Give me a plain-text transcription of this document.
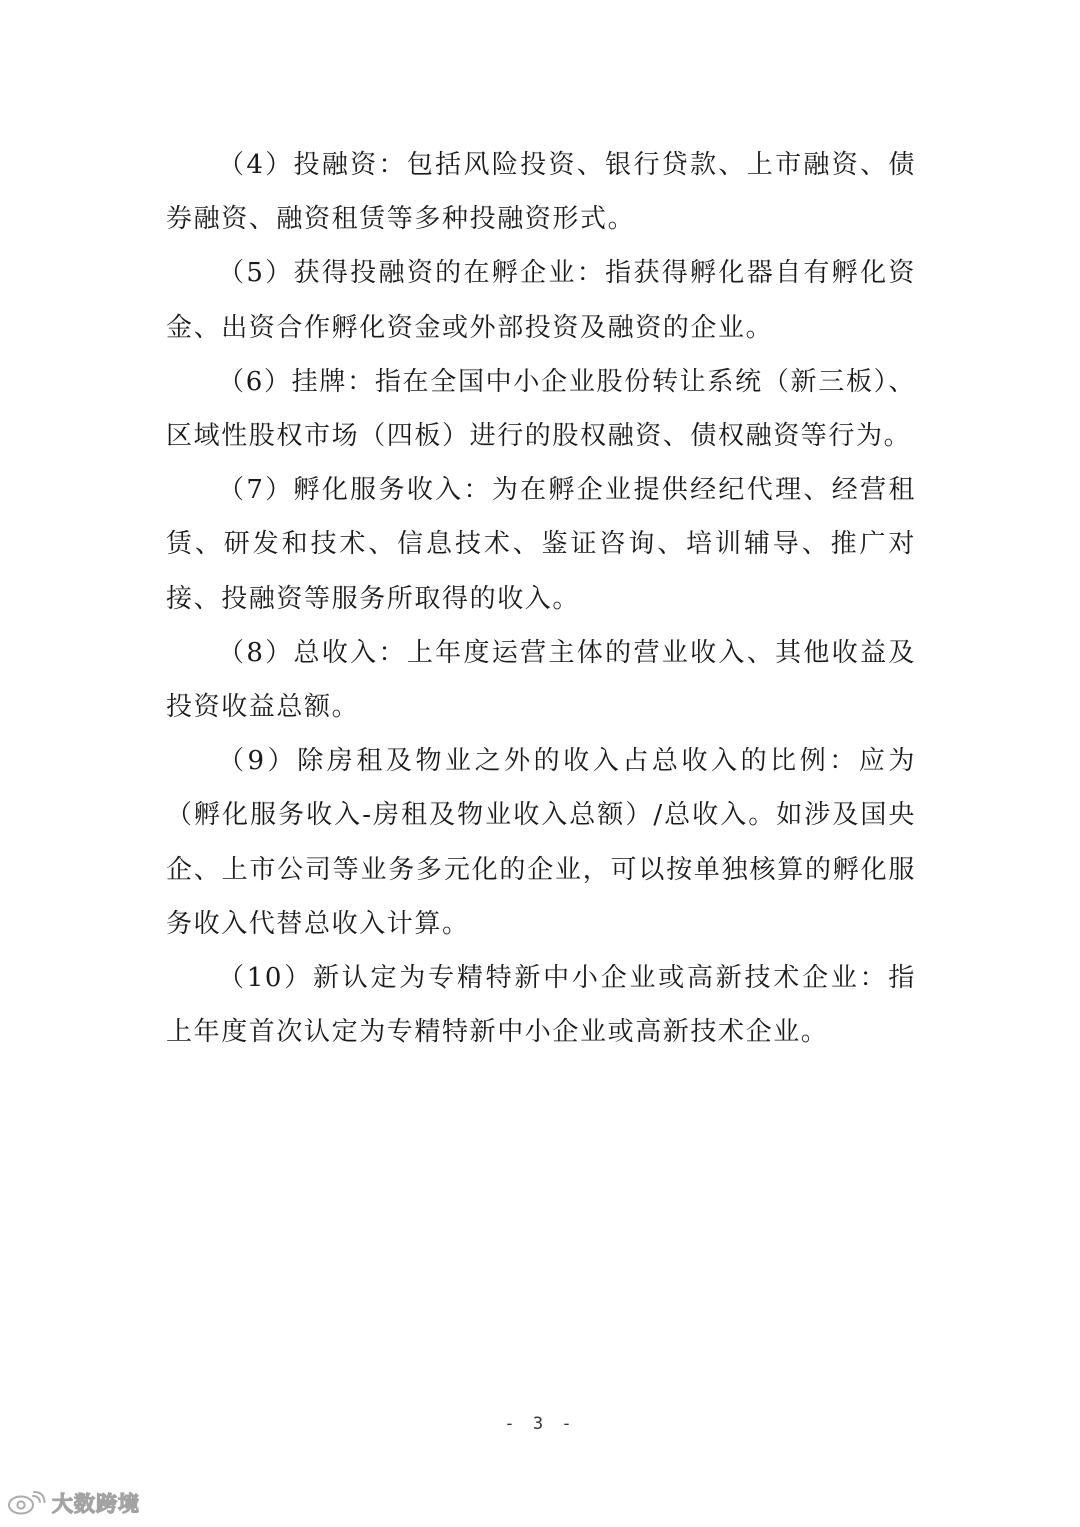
（4）投融资：包括风险投资、银行贷款、上市融资、债券融资、融资租赁等多种投融资形式。

（5）获得投融资的在孵企业：指获得孵化器自有孵化资金、出资合作孵化资金或外部投资及融资的企业。

（6）挂牌：指在全国中小企业股份转让系统（新三板）、区域性股权市场（四板）进行的股权融资、债权融资等行为。

（7）孵化服务收入：为在孵企业提供经纪代理、经营租赁、研发和技术、信息技术、鉴证咨询、培训辅导、推广对接、投融资等服务所取得的收入。

（8）总收入：上年度运营主体的营业收入、其他收益及投资收益总额。

（9）除房租及物业之外的收入占总收入的比例：应为（孵化服务收入-房租及物业收入总额）/总收入。如涉及国央企、上市公司等业务多元化的企业，可以按单独核算的孵化服务收入代替总收入计算。

（10）新认定为专精特新中小企业或高新技术企业：指上年度首次认定为专精特新中小企业或高新技术企业。

- 3 -
大数跨境
